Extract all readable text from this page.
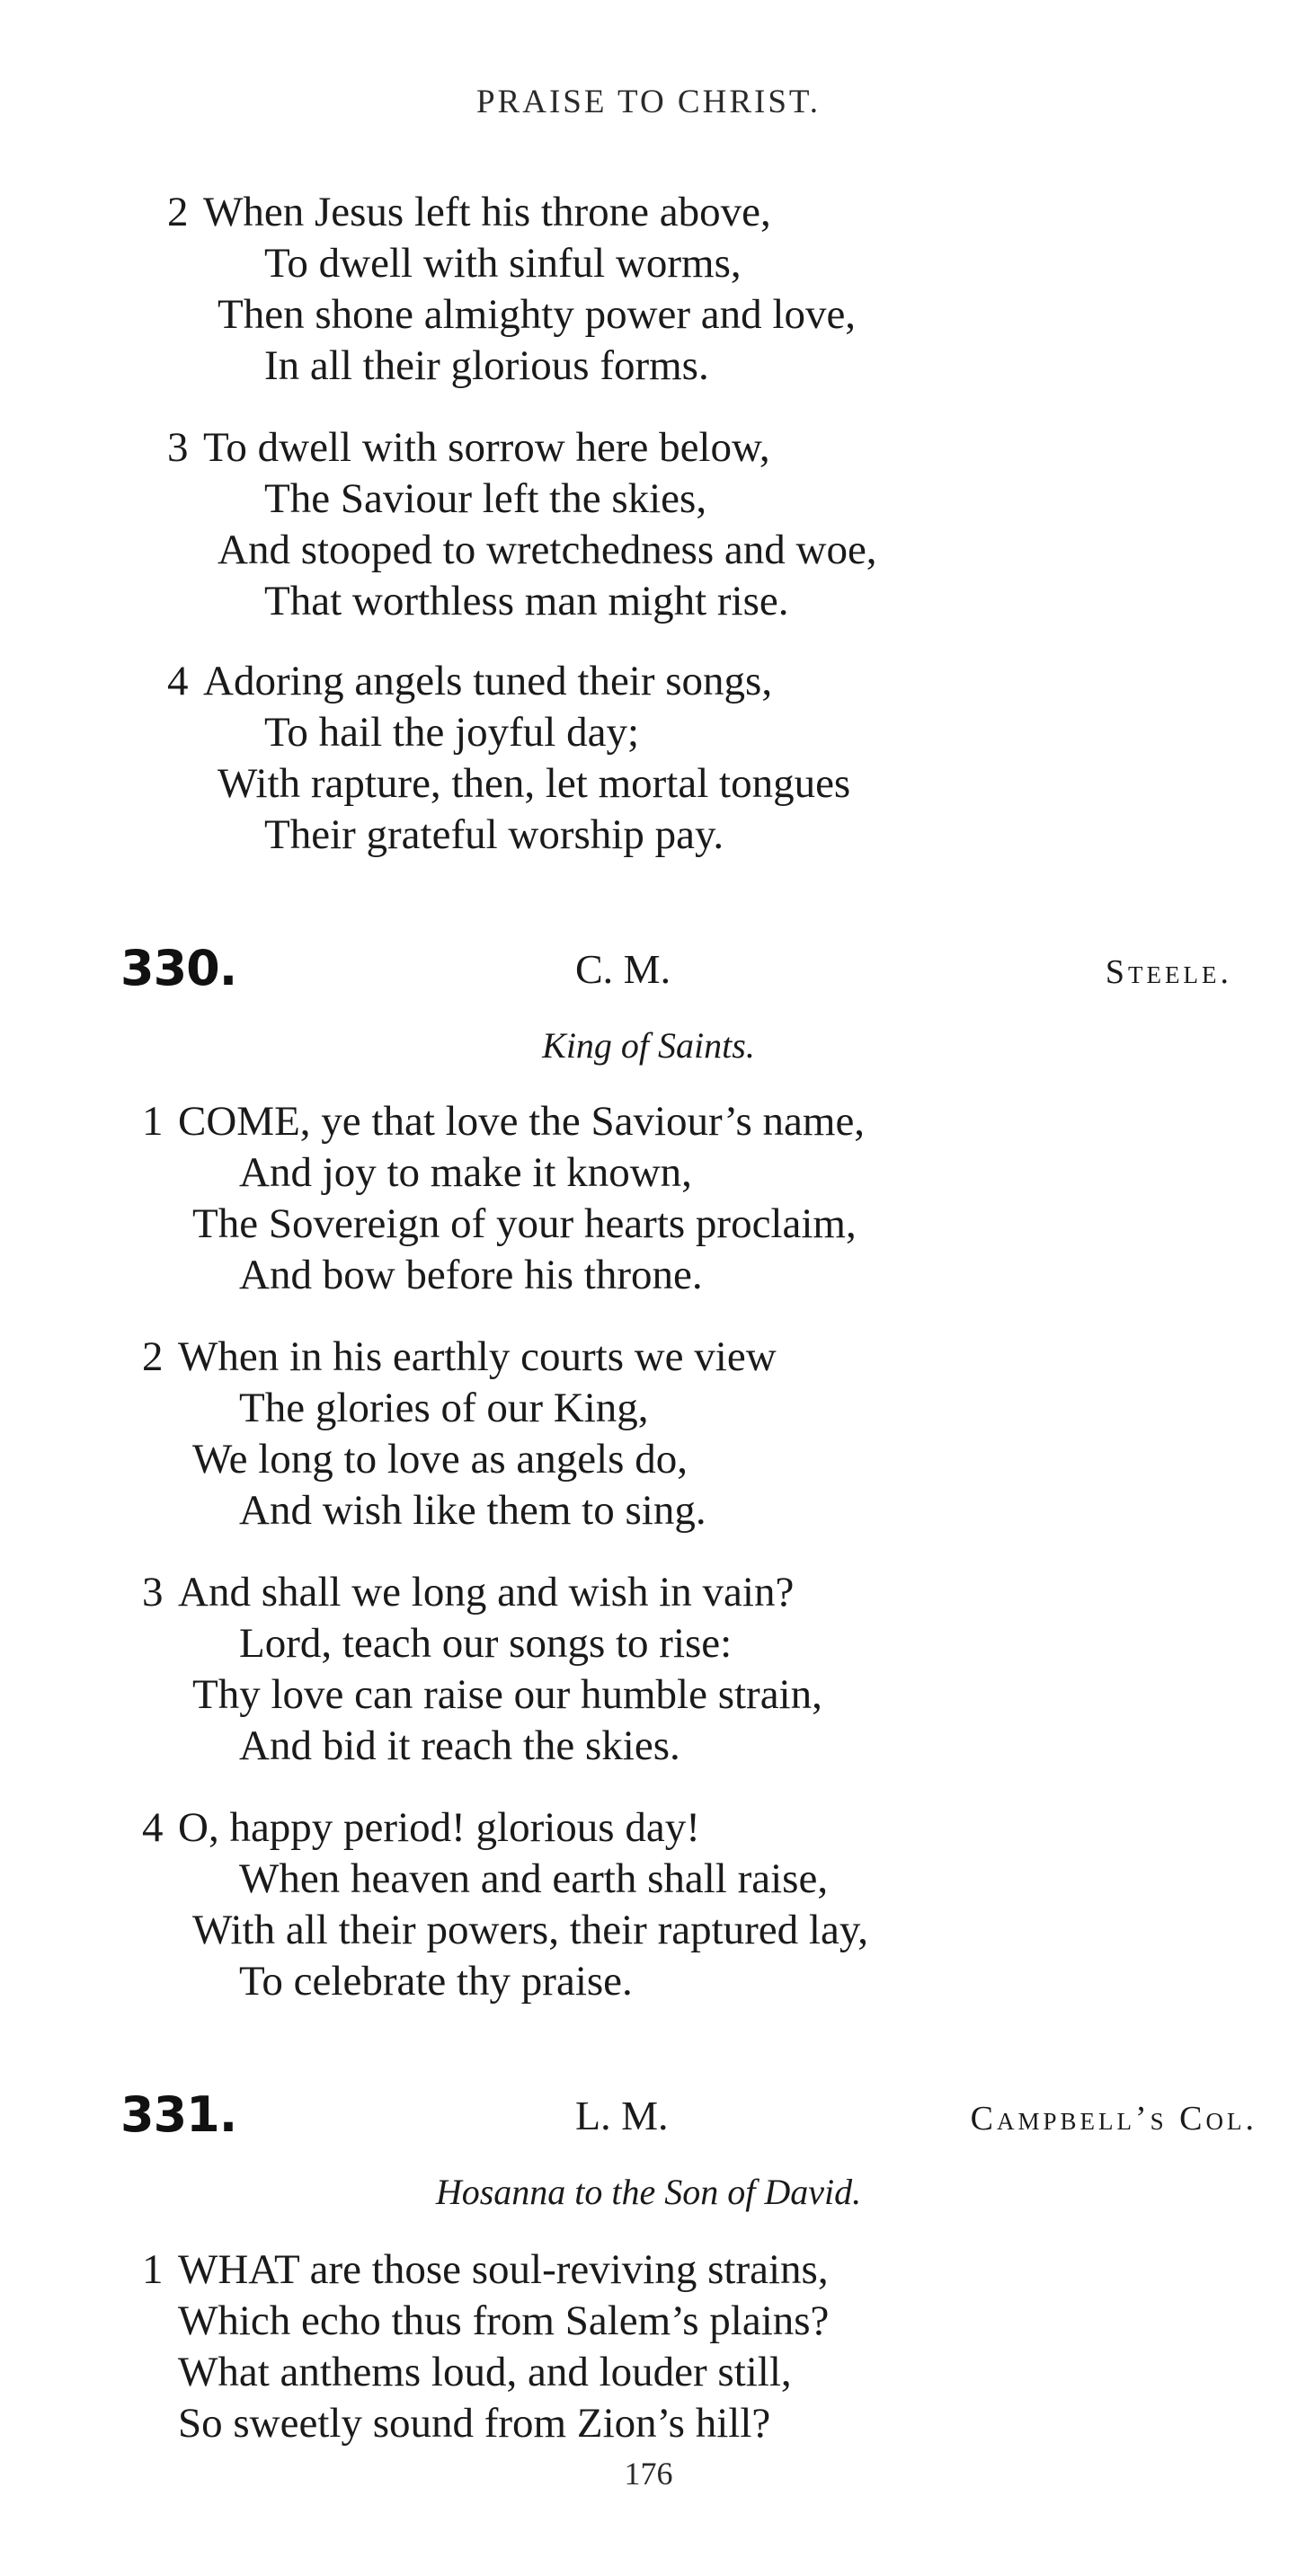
PRAISE TO CHRIST.
2 When Jesus left his throne above,
To dwell with sinful worms,
Then shone almighty power and love,
In all their glorious forms.
3 To dwell with sorrow here below,
The Saviour left the skies,
And stooped to wretchedness and woe,
That worthless man might rise.
4 Adoring angels tuned their songs,
To hail the joyful day;
With rapture, then, let mortal tongues
Their grateful worship pay.
330.	C. M.	Steele.
King of Saints.
1 COME, ye that love the Saviour’s name,
And joy to make it known,
The Sovereign of your hearts proclaim,
And bow before his throne.
2 When in his earthly courts we view
The glories of our King,
We long to love as angels do,
And wish like them to sing.
3 And shall we long and wish in vain?
Lord, teach our songs to rise:
Thy love can raise our humble strain,
And bid it reach the skies.
4 O, happy period! glorious day!
When heaven and earth shall raise,
With all their powers, their raptured lay,
To celebrate thy praise.
331.	L. M.	Campbell’s Col.
Hosanna to the Son of David.
1 WHAT are those soul-reviving strains,
Which echo thus from Salem’s plains?
What anthems loud, and louder still,
So sweetly sound from Zion’s hill?
176
